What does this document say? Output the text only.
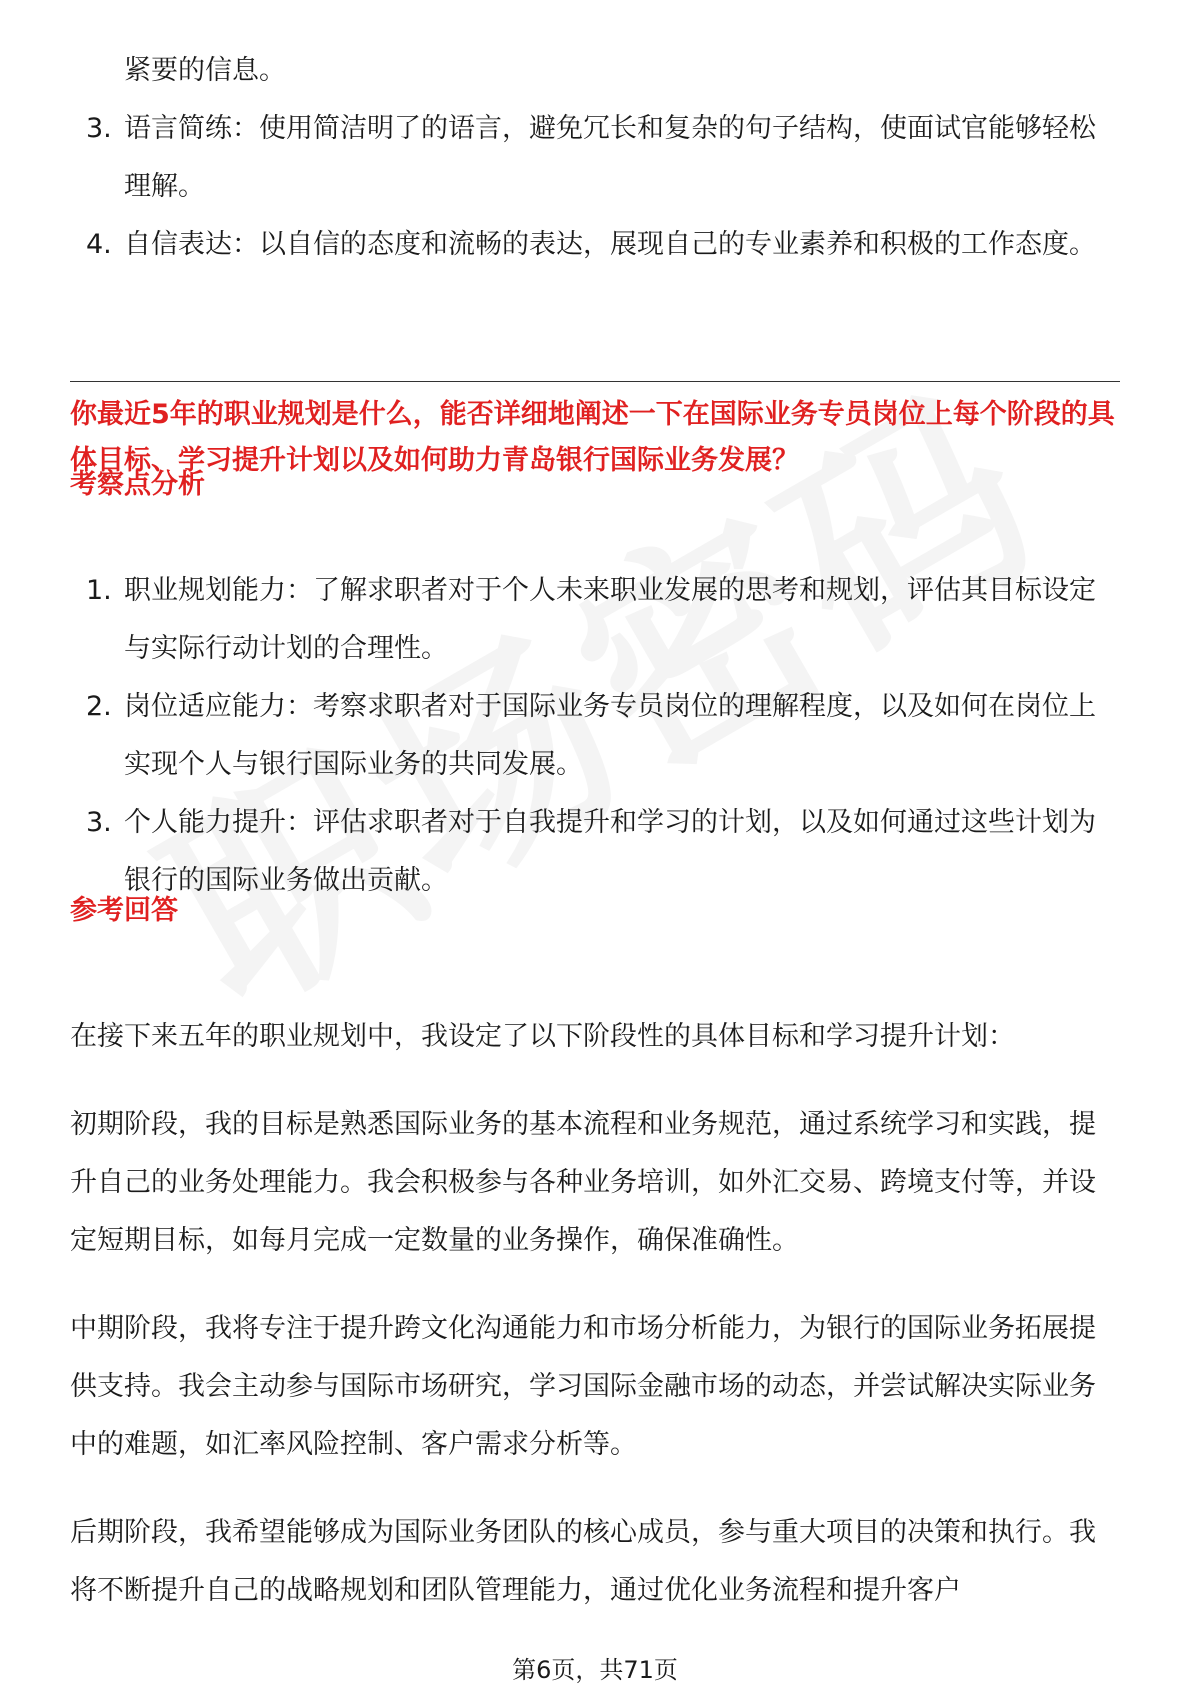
紧要的信息。
3. 语言简练：使用简洁明了的语言，避免冗长和复杂的句子结构，使面试官能够轻松理解。
4. 自信表达：以自信的态度和流畅的表达，展现自己的专业素养和积极的工作态度。
你最近5年的职业规划是什么，能否详细地阐述一下在国际业务专员岗位上每个阶段的具体目标、学习提升计划以及如何助力青岛银行国际业务发展？
考察点分析
1. 职业规划能力：了解求职者对于个人未来职业发展的思考和规划，评估其目标设定与实际行动计划的合理性。
2. 岗位适应能力：考察求职者对于国际业务专员岗位的理解程度，以及如何在岗位上实现个人与银行国际业务的共同发展。
3. 个人能力提升：评估求职者对于自我提升和学习的计划，以及如何通过这些计划为银行的国际业务做出贡献。
参考回答

在接下来五年的职业规划中，我设定了以下阶段性的具体目标和学习提升计划：

初期阶段，我的目标是熟悉国际业务的基本流程和业务规范，通过系统学习和实践，提升自己的业务处理能力。我会积极参与各种业务培训，如外汇交易、跨境支付等，并设定短期目标，如每月完成一定数量的业务操作，确保准确性。

中期阶段，我将专注于提升跨文化沟通能力和市场分析能力，为银行的国际业务拓展提供支持。我会主动参与国际市场研究，学习国际金融市场的动态，并尝试解决实际业务中的难题，如汇率风险控制、客户需求分析等。

后期阶段，我希望能够成为国际业务团队的核心成员，参与重大项目的决策和执行。我将不断提升自己的战略规划和团队管理能力，通过优化业务流程和提升客户

第6页，共71页
